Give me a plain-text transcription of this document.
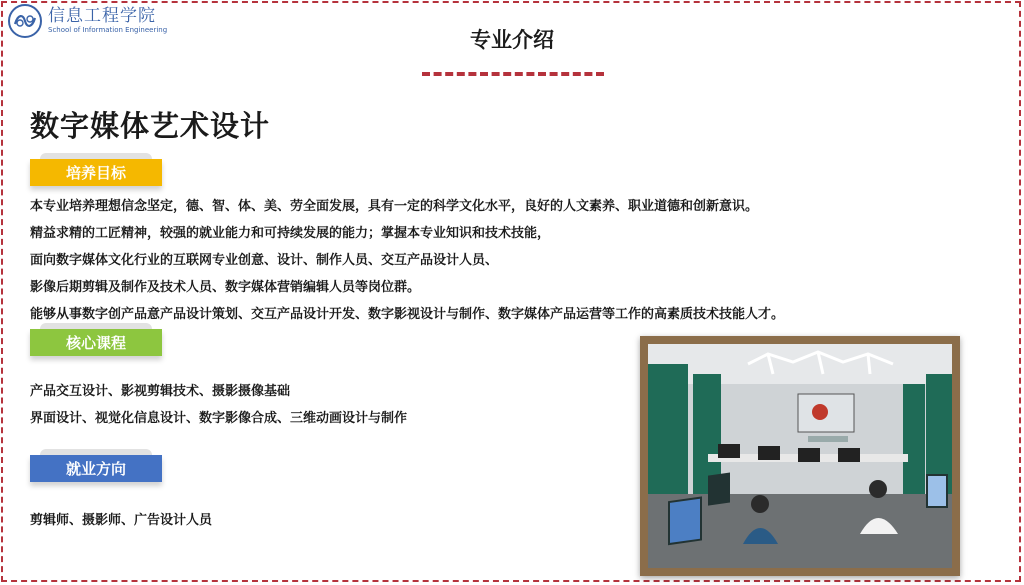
信息工程学院
School of Information Engineering	专业介绍
数字媒体艺术设计
培养目标
本专业培养理想信念坚定，德、智、体、美、劳全面发展，具有一定的科学文化水平，良好的人文素养、职业道德和创新意识。
精益求精的工匠精神，较强的就业能力和可持续发展的能力；掌握本专业知识和技术技能，
面向数字媒体文化行业的互联网专业创意、设计、制作人员、交互产品设计人员、
影像后期剪辑及制作及技术人员、数字媒体营销编辑人员等岗位群。
能够从事数字创产品意产品设计策划、交互产品设计开发、数字影视设计与制作、数字媒体产品运营等工作的高素质技术技能人才。
核心课程
产品交互设计、影视剪辑技术、摄影摄像基础
界面设计、视觉化信息设计、数字影像合成、三维动画设计与制作
就业方向
剪辑师、摄影师、广告设计人员
